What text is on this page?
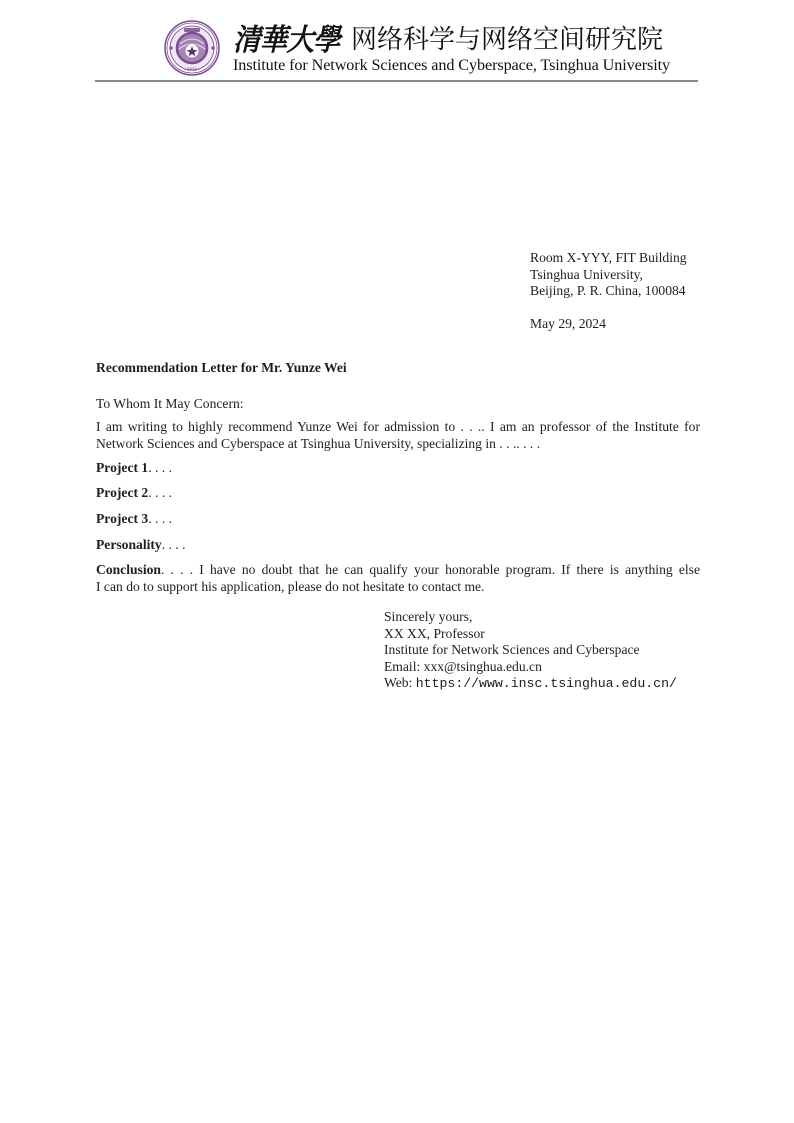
•1911•
清華大學 网络科学与网络空间研究院
Institute for Network Sciences and Cyberspace, Tsinghua University
Room X-YYY, FIT Building
Tsinghua University,
Beijing, P. R. China, 100084
May 29, 2024
Recommendation Letter for Mr. Yunze Wei
To Whom It May Concern:
I am writing to highly recommend Yunze Wei for admission to . . .. I am an professor of the Institute for
Network Sciences and Cyberspace at Tsinghua University, specializing in . . .. . . .
Project 1. . . .
Project 2. . . .
Project 3. . . .
Personality. . . .
Conclusion. . . . I have no doubt that he can qualify your honorable program. If there is anything else
I can do to support his application, please do not hesitate to contact me.
Sincerely yours,
XX XX, Professor
Institute for Network Sciences and Cyberspace
Email: xxx@tsinghua.edu.cn
Web: https://www.insc.tsinghua.edu.cn/
